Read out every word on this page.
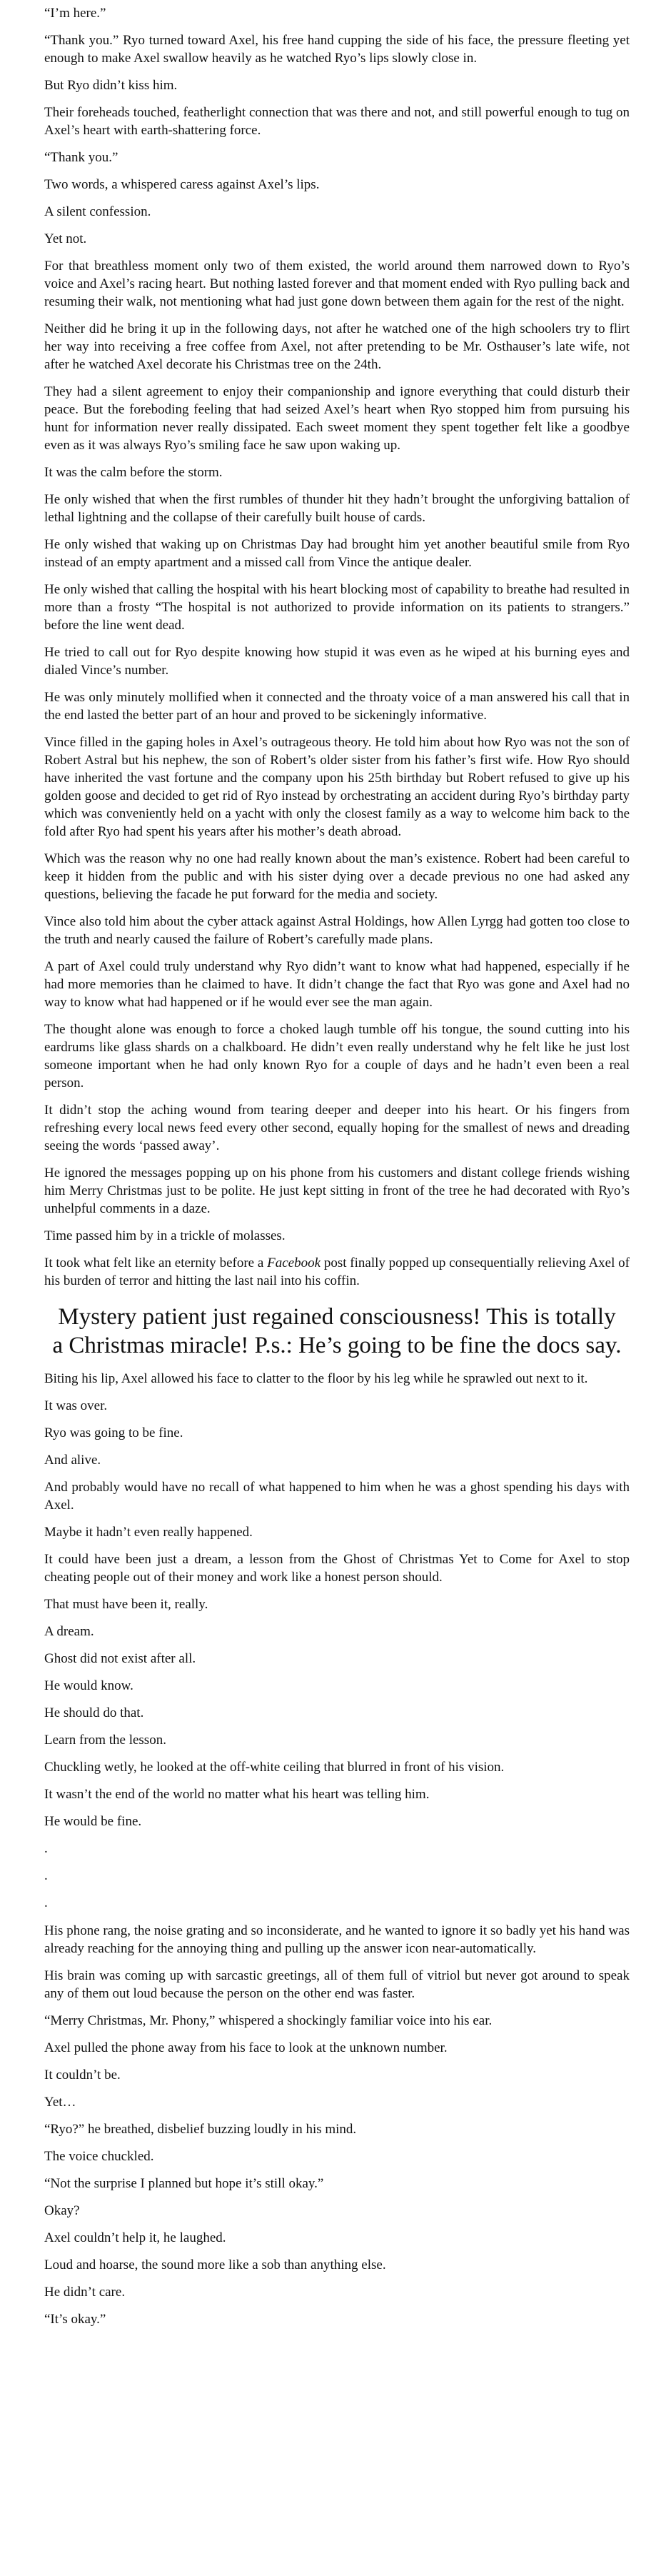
“I’m here.”

“Thank you.” Ryo turned toward Axel, his free hand cupping the side of his face, the pressure fleeting yet enough to make Axel swallow heavily as he watched Ryo’s lips slowly close in.

But Ryo didn’t kiss him.

Their foreheads touched, featherlight connection that was there and not, and still powerful enough to tug on Axel’s heart with earth-shattering force.

“Thank you.”

Two words, a whispered caress against Axel’s lips.

A silent confession.

Yet not.

For that breathless moment only two of them existed, the world around them narrowed down to Ryo’s voice and Axel’s racing heart. But nothing lasted forever and that moment ended with Ryo pulling back and resuming their walk, not mentioning what had just gone down between them again for the rest of the night.

Neither did he bring it up in the following days, not after he watched one of the high schoolers try to flirt her way into receiving a free coffee from Axel, not after pretending to be Mr. Osthauser’s late wife, not after he watched Axel decorate his Christmas tree on the 24th.

They had a silent agreement to enjoy their companionship and ignore everything that could disturb their peace. But the foreboding feeling that had seized Axel’s heart when Ryo stopped him from pursuing his hunt for information never really dissipated. Each sweet moment they spent together felt like a goodbye even as it was always Ryo’s smiling face he saw upon waking up.

It was the calm before the storm.

He only wished that when the first rumbles of thunder hit they hadn’t brought the unforgiving battalion of lethal lightning and the collapse of their carefully built house of cards.

He only wished that waking up on Christmas Day had brought him yet another beautiful smile from Ryo instead of an empty apartment and a missed call from Vince the antique dealer.

He only wished that calling the hospital with his heart blocking most of capability to breathe had resulted in more than a frosty “The hospital is not authorized to provide information on its patients to strangers.” before the line went dead.

He tried to call out for Ryo despite knowing how stupid it was even as he wiped at his burning eyes and dialed Vince’s number.

He was only minutely mollified when it connected and the throaty voice of a man answered his call that in the end lasted the better part of an hour and proved to be sickeningly informative.

Vince filled in the gaping holes in Axel’s outrageous theory. He told him about how Ryo was not the son of Robert Astral but his nephew, the son of Robert’s older sister from his father’s first wife. How Ryo should have inherited the vast fortune and the company upon his 25th birthday but Robert refused to give up his golden goose and decided to get rid of Ryo instead by orchestrating an accident during Ryo’s birthday party which was conveniently held on a yacht with only the closest family as a way to welcome him back to the fold after Ryo had spent his years after his mother’s death abroad.

Which was the reason why no one had really known about the man’s existence. Robert had been careful to keep it hidden from the public and with his sister dying over a decade previous no one had asked any questions, believing the facade he put forward for the media and society.

Vince also told him about the cyber attack against Astral Holdings, how Allen Lyrgg had gotten too close to the truth and nearly caused the failure of Robert’s carefully made plans.

A part of Axel could truly understand why Ryo didn’t want to know what had happened, especially if he had more memories than he claimed to have. It didn’t change the fact that Ryo was gone and Axel had no way to know what had happened or if he would ever see the man again.

The thought alone was enough to force a choked laugh tumble off his tongue, the sound cutting into his eardrums like glass shards on a chalkboard. He didn’t even really understand why he felt like he just lost someone important when he had only known Ryo for a couple of days and he hadn’t even been a real person.

It didn’t stop the aching wound from tearing deeper and deeper into his heart. Or his fingers from refreshing every local news feed every other second, equally hoping for the smallest of news and dreading seeing the words ‘passed away’.

He ignored the messages popping up on his phone from his customers and distant college friends wishing him Merry Christmas just to be polite. He just kept sitting in front of the tree he had decorated with Ryo’s unhelpful comments in a daze.

Time passed him by in a trickle of molasses.

It took what felt like an eternity before a Facebook post finally popped up consequentially relieving Axel of his burden of terror and hitting the last nail into his coffin.

Mystery patient just regained consciousness! This is totally a Christmas miracle! P.s.: He’s going to be fine the docs say.

Biting his lip, Axel allowed his face to clatter to the floor by his leg while he sprawled out next to it.

It was over.

Ryo was going to be fine.

And alive.

And probably would have no recall of what happened to him when he was a ghost spending his days with Axel.

Maybe it hadn’t even really happened.

It could have been just a dream, a lesson from the Ghost of Christmas Yet to Come for Axel to stop cheating people out of their money and work like a honest person should.

That must have been it, really.

A dream.

Ghost did not exist after all.

He would know.

He should do that.

Learn from the lesson.

Chuckling wetly, he looked at the off-white ceiling that blurred in front of his vision.

It wasn’t the end of the world no matter what his heart was telling him.

He would be fine.

.

.

.

His phone rang, the noise grating and so inconsiderate, and he wanted to ignore it so badly yet his hand was already reaching for the annoying thing and pulling up the answer icon near-automatically.

His brain was coming up with sarcastic greetings, all of them full of vitriol but never got around to speak any of them out loud because the person on the other end was faster.

“Merry Christmas, Mr. Phony,” whispered a shockingly familiar voice into his ear.

Axel pulled the phone away from his face to look at the unknown number.

It couldn’t be.

Yet…

“Ryo?” he breathed, disbelief buzzing loudly in his mind.

The voice chuckled.

“Not the surprise I planned but hope it’s still okay.”

Okay?

Axel couldn’t help it, he laughed.

Loud and hoarse, the sound more like a sob than anything else.

He didn’t care.

“It’s okay.”
